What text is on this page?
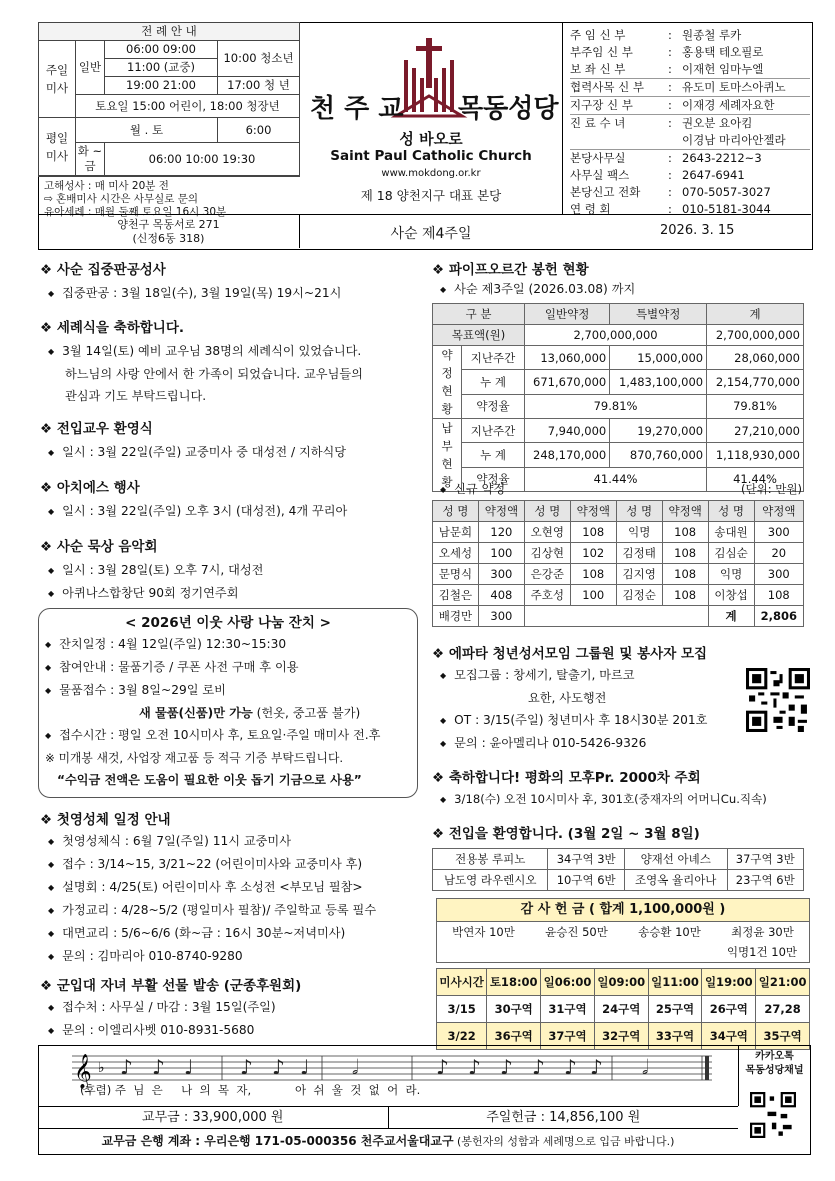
전 례 안 내			
주일
미사	일반	06:00 09:00	10:00 청소년
		11:00 (교중)	
		19:00 21:00	17:00 청 년
	토요일 15:00 어린이, 18:00 청장년		
평일
미사	월 . 토		6:00
	화 ~ 금	06:00 10:00 19:30	
고해성사 : 매 미사 20분 전
⇨ 혼배미사 시간은 사무실로 문의
유아세례 : 매월 둘째 토요일 16시 30분
양천구 목동서로 271
(신정6동 318)
천 주 교 목동성당
성 바오로
Saint Paul Catholic Church
www.mokdong.or.kr
제 18 양천지구 대표 본당
사순 제4주일	2026. 3. 15
주 임 신 부	: 원종철 루카
부주임 신 부	: 홍용택 테오필로
보 좌 신 부	: 이재헌 임마누엘
협력사목 신 부 : 유도미 토마스아퀴노
지구장 신 부	: 이재경 세례자요한
진 료 수 녀	: 권오분 요아킴
이경남 마리아안젤라
본당사무실	: 2643-2212~3
사무실 팩스	: 2647-6941
본당신고 전화 : 070-5057-3027
연 령 회	: 010-5181-3044
❖ 사순 집중판공성사
◆ 집중판공 : 3월 18일(수), 3월 19일(목) 19시~21시
❖ 세례식을 축하합니다.
◆ 3월 14일(토) 예비 교우님 38명의 세례식이 있었습니다.
하느님의 사랑 안에서 한 가족이 되었습니다. 교우님들의
관심과 기도 부탁드립니다.
❖ 전입교우 환영식
◆ 일시 : 3월 22일(주일) 교중미사 중 대성전 / 지하식당
❖ 아치에스 행사
◆ 일시 : 3월 22일(주일) 오후 3시 (대성전), 4개 꾸리아
❖ 사순 묵상 음악회
◆ 일시 : 3월 28일(토) 오후 7시, 대성전
◆ 아퀴나스합창단 90회 정기연주회
< 2026년 이웃 사랑 나눔 잔치 >
◆ 잔치일정 : 4월 12일(주일) 12:30~15:30
◆ 참여안내 : 물품기증 / 쿠폰 사전 구매 후 이용
◆ 물품접수 : 3월 8일~29일 로비
새 물품(신품)만 가능 (헌옷, 중고품 불가)
◆ 접수시간 : 평일 오전 10시미사 후, 토요일·주일 매미사 전.후
※ 미개봉 새것, 사업장 재고품 등 적극 기증 부탁드립니다.
“수익금 전액은 도움이 필요한 이웃 돕기 기금으로 사용”
❖ 첫영성체 일정 안내
◆ 첫영성체식 : 6월 7일(주일) 11시 교중미사
◆ 접수 : 3/14~15, 3/21~22 (어린이미사와 교중미사 후)
◆ 설명회 : 4/25(토) 어린이미사 후 소성전 <부모님 필참>
◆ 가정교리 : 4/28~5/2 (평일미사 필참)/ 주일학교 등록 필수
◆ 대면교리 : 5/6~6/6 (화~금 : 16시 30분~저녁미사)
◆ 문의 : 김마리아 010-8740-9280
❖ 군입대 자녀 부활 선물 발송 (군종후원회)
◆ 접수처 : 사무실 / 마감 : 3월 15일(주일)
◆ 문의 : 이엘리사벳 010-8931-5680
❖ 파이프오르간 봉헌 현황
◆ 사순 제3주일 (2026.03.08) 까지
구 분		일반약정	특별약정	계
목표액(원)		2,700,000,000		2,700,000,000
약정
현황	지난주간	13,060,000	15,000,000	28,060,000
	누 계	671,670,000	1,483,100,000	2,154,770,000
	약정율	79.81%		79.81%
납부
현황	지난주간	7,940,000	19,270,000	27,210,000
	누 계	248,170,000	870,760,000	1,118,930,000
	약정율	41.44%		41.44%
◆ 신규 약정	(단위: 만원)
성 명	약정액	성 명	약정액	성 명	약정액	성 명	약정액
남문희	120	오현영	108	익명	108	송대원	300
오세성	100	김상현	102	김정태	108	김심순	20
문명식	300	은강준	108	김지영	108	익명	300
김철은	408	주호성	100	김정순	108	이창섭	108
배경만	300					계	2,806
❖ 에파타 청년성서모임 그룹원 및 봉사자 모집
◆ 모집그룹 : 창세기, 탈출기, 마르코
요한, 사도행전
◆ OT : 3/15(주일) 청년미사 후 18시30분 201호
◆ 문의 : 윤아멜리나 010-5426-9326
❖ 축하합니다! 평화의 모후Pr. 2000차 주회
◆ 3/18(수) 오전 10시미사 후, 301호(중재자의 어머니Cu.직속)
❖ 전입을 환영합니다. (3월 2일 ~ 3월 8일)
전용봉 루피노	34구역 3반	양재선 아녜스	37구역 3반
남도영 라우렌시오	10구역 6반	조영옥 율리아나	23구역 6반
감 사 헌 금 ( 합계 1,100,000원 )
박연자 10만	윤승진 50만	송승환 10만	최정윤 30만
익명1건 10만
미사시간	토18:00	일06:00	일09:00	일11:00	일19:00	일21:00
3/15	30구역	31구역	24구역	25구역	26구역	27,28
3/22	36구역	37구역	32구역	33구역	34구역	35구역
𝄞 ♭ ♪ ♪ ♩ ♪ ♪ ♩ 𝅗𝅥	♪ ♪ ♪ ♪ ♪ ♪ 𝅗𝅥
(후렴) 주  님  은     나  의  목  자,            아  쉬  울  것  없  어  라.
카카오톡
목동성당채널
교무금 : 33,900,000 원	주일헌금 : 14,856,100 원
교무금 은행 계좌 : 우리은행 171-05-000356 천주교서울대교구 (봉헌자의 성함과 세례명으로 입금 바랍니다.)
